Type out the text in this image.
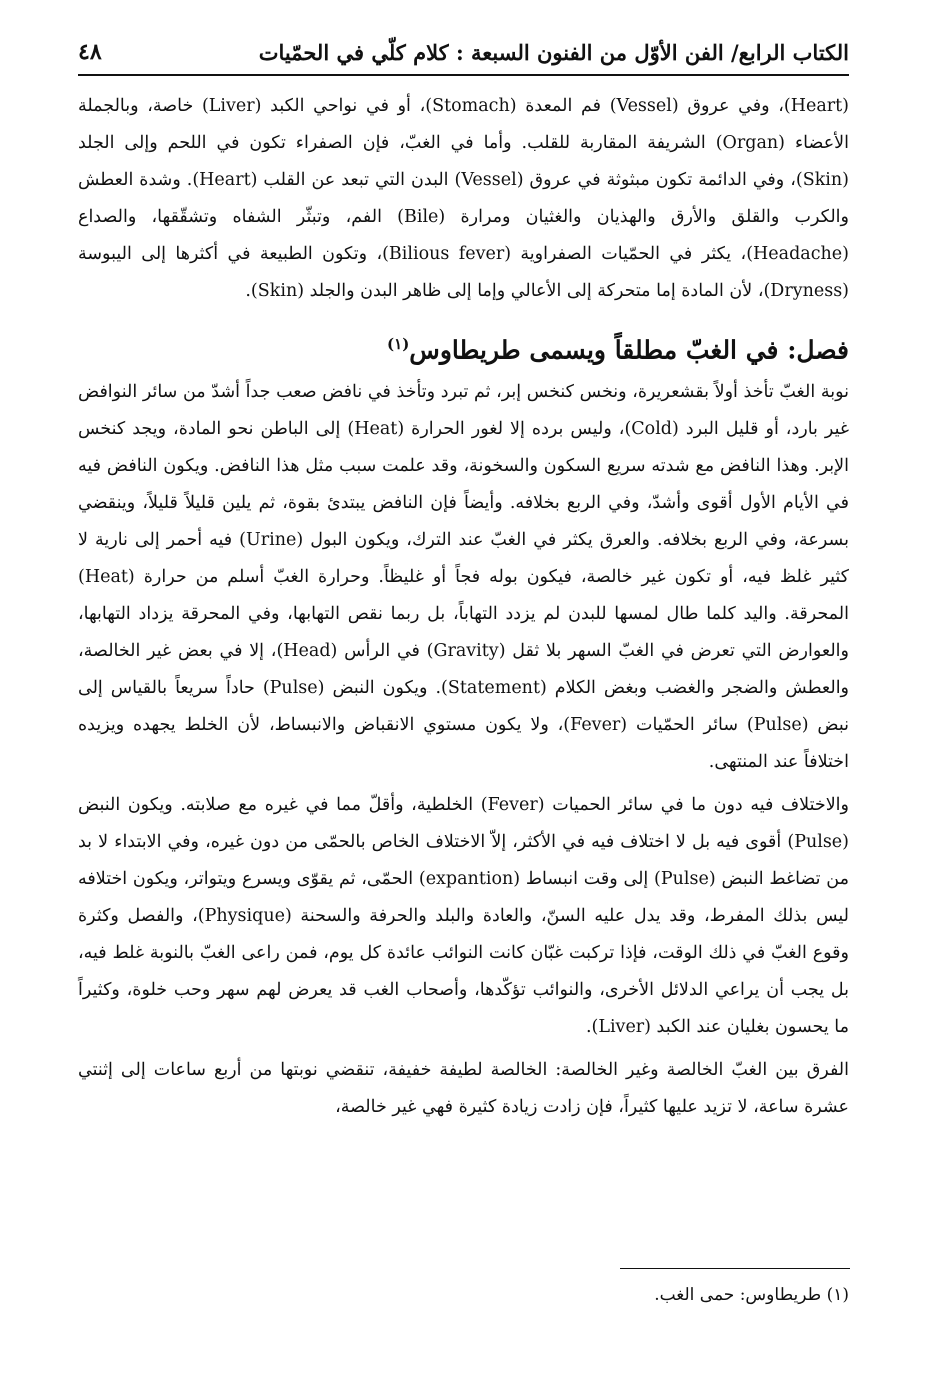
الكتاب الرابع/ الفن الأوّل من الفنون السبعة : كلام كلّي في الحمّيات
٤٨

(Heart)، وفي عروق (Vessel) فم المعدة (Stomach)، أو في نواحي الكبد (Liver) خاصة، وبالجملة الأعضاء (Organ) الشريفة المقاربة للقلب. وأما في الغبّ، فإن الصفراء تكون في اللحم وإلى الجلد (Skin)، وفي الدائمة تكون مبثوثة في عروق (Vessel) البدن التي تبعد عن القلب (Heart). وشدة العطش والكرب والقلق والأرق والهذيان والغثيان ومرارة (Bile) الفم، وتبثّر الشفاه وتشقّقها، والصداع (Headache)، يكثر في الحمّيات الصفراوية (Bilious fever)، وتكون الطبيعة في أكثرها إلى اليبوسة (Dryness)، لأن المادة إما متحركة إلى الأعالي وإما إلى ظاهر البدن والجلد (Skin).

فصل: في الغبّ مطلقاً ويسمى طريطاوس$^{(١)}$

نوبة الغبّ تأخذ أولاً بقشعريرة، ونخس كنخس إبر، ثم تبرد وتأخذ في نافض صعب جداً أشدّ من سائر النوافض غير بارد، أو قليل البرد (Cold)، وليس برده إلا لغور الحرارة (Heat) إلى الباطن نحو المادة، ويجد كنخس الإبر. وهذا النافض مع شدته سريع السكون والسخونة، وقد علمت سبب مثل هذا النافض. ويكون النافض فيه في الأيام الأول أقوى وأشدّ، وفي الربع بخلافه. وأيضاً فإن النافض يبتدئ بقوة، ثم يلين قليلاً قليلاً، وينقضي بسرعة، وفي الربع بخلافه. والعرق يكثر في الغبّ عند الترك، ويكون البول (Urine) فيه أحمر إلى نارية لا كثير غلظ فيه، أو تكون غير خالصة، فيكون بوله فجاً أو غليظاً. وحرارة الغبّ أسلم من حرارة (Heat) المحرقة. واليد كلما طال لمسها للبدن لم يزدد التهاباً، بل ربما نقص التهابها، وفي المحرقة يزداد التهابها، والعوارض التي تعرض في الغبّ السهر بلا ثقل (Gravity) في الرأس (Head)، إلا في بعض غير الخالصة، والعطش والضجر والغضب وبغض الكلام (Statement). ويكون النبض (Pulse) حاداً سريعاً بالقياس إلى نبض (Pulse) سائر الحمّيات (Fever)، ولا يكون مستوي الانقباض والانبساط، لأن الخلط يجهده ويزيده اختلافاً عند المنتهى.

والاختلاف فيه دون ما في سائر الحميات (Fever) الخلطية، وأقلّ مما في غيره مع صلابته. ويكون النبض (Pulse) أقوى فيه بل لا اختلاف فيه في الأكثر، إلاّ الاختلاف الخاص بالحمّى من دون غيره، وفي الابتداء لا بد من تضاغط النبض (Pulse) إلى وقت انبساط (expantion) الحمّى، ثم يقوّى ويسرع ويتواتر، ويكون اختلافه ليس بذلك المفرط، وقد يدل عليه السنّ، والعادة والبلد والحرفة والسحنة (Physique)، والفصل وكثرة وقوع الغبّ في ذلك الوقت، فإذا تركبت غبّان كانت النوائب عائدة كل يوم، فمن راعى الغبّ بالنوبة غلط فيه، بل يجب أن يراعي الدلائل الأخرى، والنوائب تؤكّدها، وأصحاب الغب قد يعرض لهم سهر وحب خلوة، وكثيراً ما يحسون بغليان عند الكبد (Liver).

الفرق بين الغبّ الخالصة وغير الخالصة: الخالصة لطيفة خفيفة، تنقضي نوبتها من أربع ساعات إلى إثنتي عشرة ساعة، لا تزيد عليها كثيراً، فإن زادت زيادة كثيرة فهي غير خالصة،

(١) طريطاوس: حمى الغب.
